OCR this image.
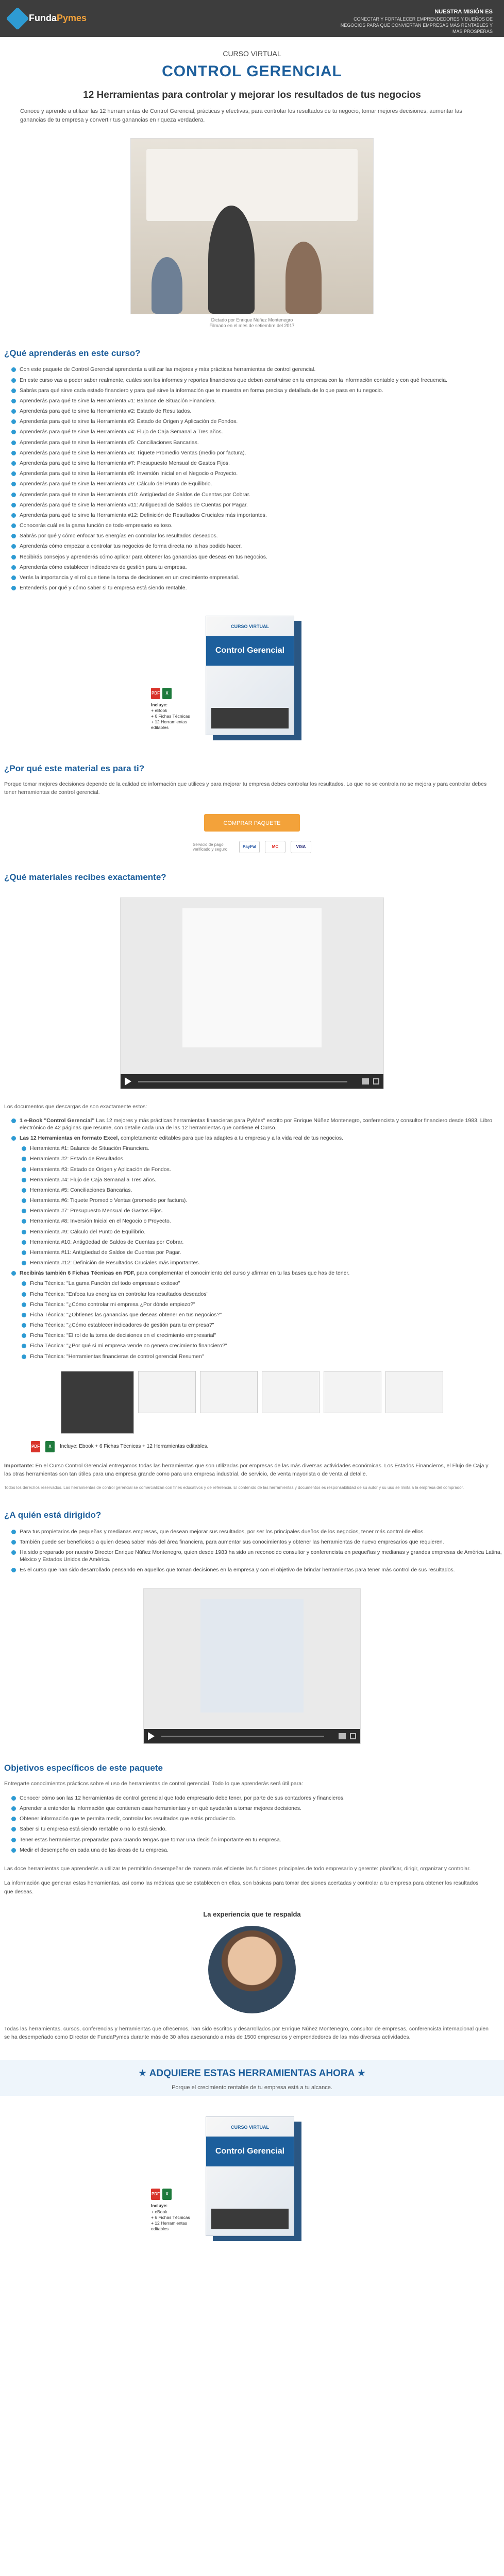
FundaPymes
NUESTRA MISIÓN ES
CONECTAR Y FORTALECER EMPRENDEDORES Y DUEÑOS DE NEGOCIOS PARA QUE CONVIERTAN EMPRESAS MÁS RENTABLES Y MÁS PROSPERAS
CURSO VIRTUAL
CONTROL GERENCIAL
12 Herramientas para controlar y mejorar los resultados de tus negocios

Conoce y aprende a utilizar las 12 herramientas de Control Gerencial, prácticas y efectivas, para controlar los resultados de tu negocio, tomar mejores decisiones, aumentar las ganancias de tu empresa y convertir tus ganancias en riqueza verdadera.

Dictado por Enrique Núñez Montenegro
Filmado en el mes de setiembre del 2017
¿Qué aprenderás en este curso?
Con este paquete de Control Gerencial aprenderás a utilizar las mejores y más prácticas herramientas de control gerencial.
En este curso vas a poder saber realmente, cuáles son los informes y reportes financieros que deben construirse en tu empresa con la información contable y con qué frecuencia.
Sabrás para qué sirve cada estado financiero y para qué sirve la información que te muestra en forma precisa y detallada de lo que pasa en tu negocio.
Aprenderás para qué te sirve la Herramienta #1: Balance de Situación Financiera.
Aprenderás para qué te sirve la Herramienta #2: Estado de Resultados.
Aprenderás para qué te sirve la Herramienta #3: Estado de Origen y Aplicación de Fondos.
Aprenderás para qué te sirve la Herramienta #4: Flujo de Caja Semanal a Tres años.
Aprenderás para qué te sirve la Herramienta #5: Conciliaciones Bancarias.
Aprenderás para qué te sirve la Herramienta #6: Tiquete Promedio Ventas (medio por factura).
Aprenderás para qué te sirve la Herramienta #7: Presupuesto Mensual de Gastos Fijos.
Aprenderás para qué te sirve la Herramienta #8: Inversión Inicial en el Negocio o Proyecto.
Aprenderás para qué te sirve la Herramienta #9: Cálculo del Punto de Equilibrio.
Aprenderás para qué te sirve la Herramienta #10: Antigüedad de Saldos de Cuentas por Cobrar.
Aprenderás para qué te sirve la Herramienta #11: Antigüedad de Saldos de Cuentas por Pagar.
Aprenderás para qué te sirve la Herramienta #12: Definición de Resultados Cruciales más importantes.
Conocerás cuál es la gama función de todo empresario exitoso.
Sabrás por qué y cómo enfocar tus energías en controlar los resultados deseados.
Aprenderás cómo empezar a controlar tus negocios de forma directa no la has podido hacer.
Recibirás consejos y aprenderás cómo aplicar para obtener las ganancias que deseas en tus negocios.
Aprenderás cómo establecer indicadores de gestión para tu empresa.
Verás la importancia y el rol que tiene la toma de decisiones en un crecimiento empresarial.
Entenderás por qué y cómo saber si tu empresa está siendo rentable.
PDF	X
Incluye:
+ eBook
+ 6 Fichas Técnicas
+ 12 Herramientas editables
CURSO VIRTUAL
Control Gerencial
¿Por qué este material es para ti?

Porque tomar mejores decisiones depende de la calidad de información que utilices y para mejorar tu empresa debes controlar los resultados. Lo que no se controla no se mejora y para controlar debes tener herramientas de control gerencial.

COMPRAR PAQUETE
Servicio de pago verificado y seguro
PayPal	MC	VISA
¿Qué materiales recibes exactamente?

Los documentos que descargas de son exactamente estos:

1 e-Book "Control Gerencial" Las 12 mejores y más prácticas herramientas financieras para PyMes" escrito por Enrique Núñez Montenegro, conferencista y consultor financiero desde 1983. Libro electrónico de 42 páginas que resume, con detalle cada una de las 12 herramientas que contiene el Curso.
Las 12 Herramientas en formato Excel, completamente editables para que las adaptes a tu empresa y a la vida real de tus negocios.
Herramienta #1: Balance de Situación Financiera.
Herramienta #2: Estado de Resultados.
Herramienta #3: Estado de Origen y Aplicación de Fondos.
Herramienta #4: Flujo de Caja Semanal a Tres años.
Herramienta #5: Conciliaciones Bancarias.
Herramienta #6: Tiquete Promedio Ventas (promedio por factura).
Herramienta #7: Presupuesto Mensual de Gastos Fijos.
Herramienta #8: Inversión Inicial en el Negocio o Proyecto.
Herramienta #9: Cálculo del Punto de Equilibrio.
Herramienta #10: Antigüedad de Saldos de Cuentas por Cobrar.
Herramienta #11: Antigüedad de Saldos de Cuentas por Pagar.
Herramienta #12: Definición de Resultados Cruciales más importantes.
Recibirás también 6 Fichas Técnicas en PDF, para complementar el conocimiento del curso y afirmar en tu las bases que has de tener.
Ficha Técnica: "La gama Función del todo empresario exitoso"
Ficha Técnica: "Enfoca tus energías en controlar los resultados deseados"
Ficha Técnica: "¿Cómo controlar mi empresa ¿Por dónde empiezo?"
Ficha Técnica: "¿Obtienes las ganancias que deseas obtener en tus negocios?"
Ficha Técnica: "¿Cómo establecer indicadores de gestión para tu empresa?"
Ficha Técnica: "El rol de la toma de decisiones en el crecimiento empresarial"
Ficha Técnica: "¿Por qué si mi empresa vende no genera crecimiento financiero?"
Ficha Técnica: "Herramientas financieras de control gerencial Resumen"
PDF	X	Incluye: Ebook + 6 Fichas Técnicas + 12 Herramientas editables.

Importante: En el Curso Control Gerencial entregamos todas las herramientas que son utilizadas por empresas de las más diversas actividades económicas. Los Estados Financieros, el Flujo de Caja y las otras herramientas son tan útiles para una empresa grande como para una empresa industrial, de servicio, de venta mayorista o de venta al detalle.

Todos los derechos reservados. Las herramientas de control gerencial se comercializan con fines educativos y de referencia. El contenido de las herramientas y documentos es responsabilidad de su autor y su uso se limita a la empresa del comprador.
¿A quién está dirigido?
Para tus propietarios de pequeñas y medianas empresas, que desean mejorar sus resultados, por ser los principales dueños de los negocios, tener más control de ellos.
También puede ser beneficioso a quien desea saber más del área financiera, para aumentar sus conocimientos y obtener las herramientas de nuevo empresarios que requieren.
Ha sido preparado por nuestro Director Enrique Núñez Montenegro, quien desde 1983 ha sido un reconocido consultor y conferencista en pequeñas y medianas y grandes empresas de América Latina, México y Estados Unidos de América.
Es el curso que han sido desarrollado pensando en aquellos que toman decisiones en la empresa y con el objetivo de brindar herramientas para tener más control de sus resultados.
Objetivos específicos de este paquete

Entregarte conocimientos prácticos sobre el uso de herramientas de control gerencial. Todo lo que aprenderás será útil para:

Conocer cómo son las 12 herramientas de control gerencial que todo empresario debe tener, por parte de sus contadores y financieros.
Aprender a entender la información que contienen esas herramientas y en qué ayudarán a tomar mejores decisiones.
Obtener información que te permita medir, controlar los resultados que estás produciendo.
Saber si tu empresa está siendo rentable o no lo está siendo.
Tener estas herramientas preparadas para cuando tengas que tomar una decisión importante en tu empresa.
Medir el desempeño en cada una de las áreas de tu empresa.

Las doce herramientas que aprenderás a utilizar te permitirán desempeñar de manera más eficiente las funciones principales de todo empresario y gerente: planificar, dirigir, organizar y controlar.

La información que generan estas herramientas, así como las métricas que se establecen en ellas, son básicas para tomar decisiones acertadas y controlar a tu empresa para obtener los resultados que deseas.

La experiencia que te respalda

Todas las herramientas, cursos, conferencias y herramientas que ofrecemos, han sido escritos y desarrollados por Enrique Núñez Montenegro, consultor de empresas, conferencista internacional quien se ha desempeñado como Director de FundaPymes durante más de 30 años asesorando a más de 1500 empresarios y emprendedores de las más diversas actividades.

★ ADQUIERE ESTAS HERRAMIENTAS AHORA ★

Porque el crecimiento rentable de tu empresa está a tu alcance.

PDF	X
Incluye:
+ eBook
+ 6 Fichas Técnicas
+ 12 Herramientas editables
CURSO VIRTUAL
Control Gerencial
